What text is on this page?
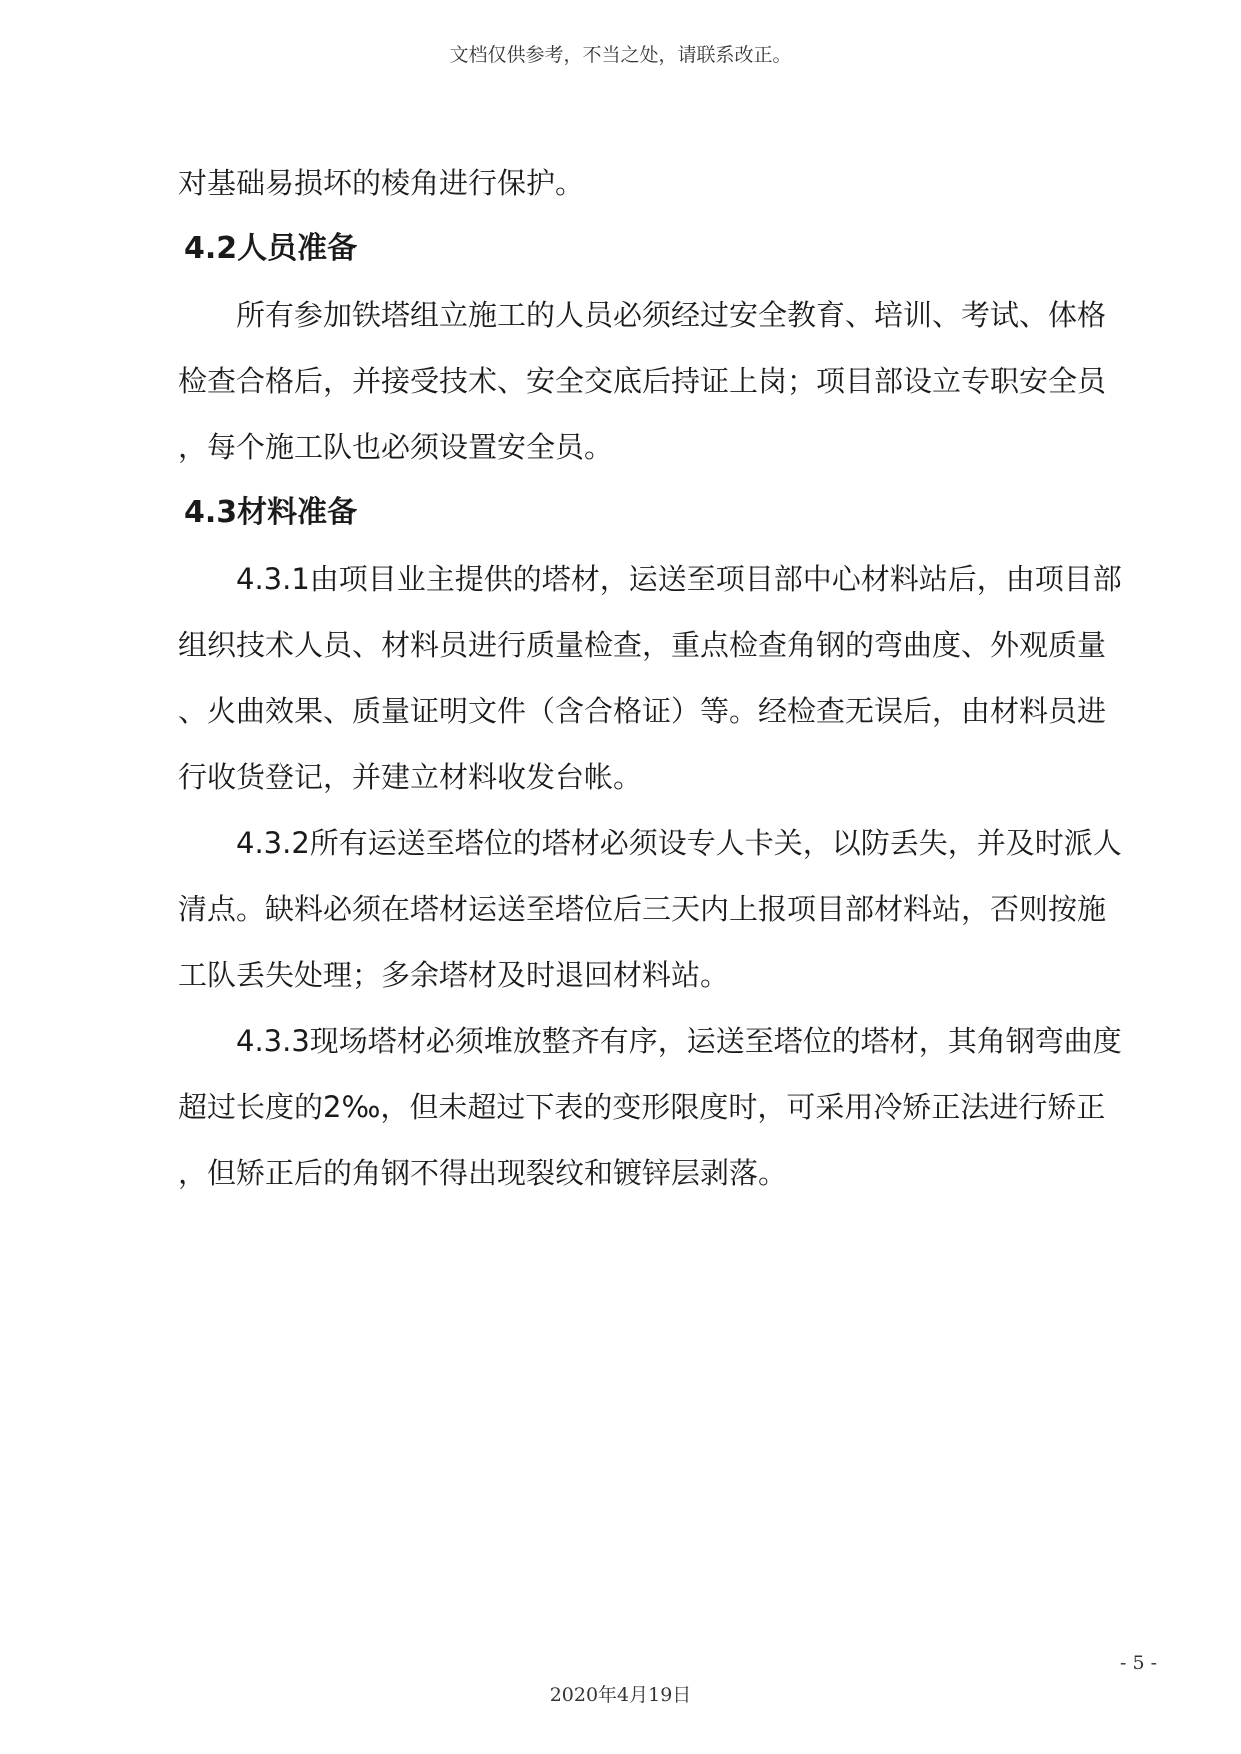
文档仅供参考，不当之处，请联系改正。
对基础易损坏的棱角进行保护。
4.2人员准备
所有参加铁塔组立施工的人员必须经过安全教育、培训、考试、体格
检查合格后，并接受技术、安全交底后持证上岗；项目部设立专职安全员
，每个施工队也必须设置安全员。
4.3材料准备
4.3.1由项目业主提供的塔材，运送至项目部中心材料站后，由项目部
组织技术人员、材料员进行质量检查，重点检查角钢的弯曲度、外观质量
、火曲效果、质量证明文件（含合格证）等。经检查无误后，由材料员进
行收货登记，并建立材料收发台帐。
4.3.2所有运送至塔位的塔材必须设专人卡关，以防丢失，并及时派人
清点。缺料必须在塔材运送至塔位后三天内上报项目部材料站，否则按施
工队丢失处理；多余塔材及时退回材料站。
4.3.3现场塔材必须堆放整齐有序，运送至塔位的塔材，其角钢弯曲度
超过长度的2‰，但未超过下表的变形限度时，可采用冷矫正法进行矫正
，但矫正后的角钢不得出现裂纹和镀锌层剥落。
- 5 -
2020年4月19日
